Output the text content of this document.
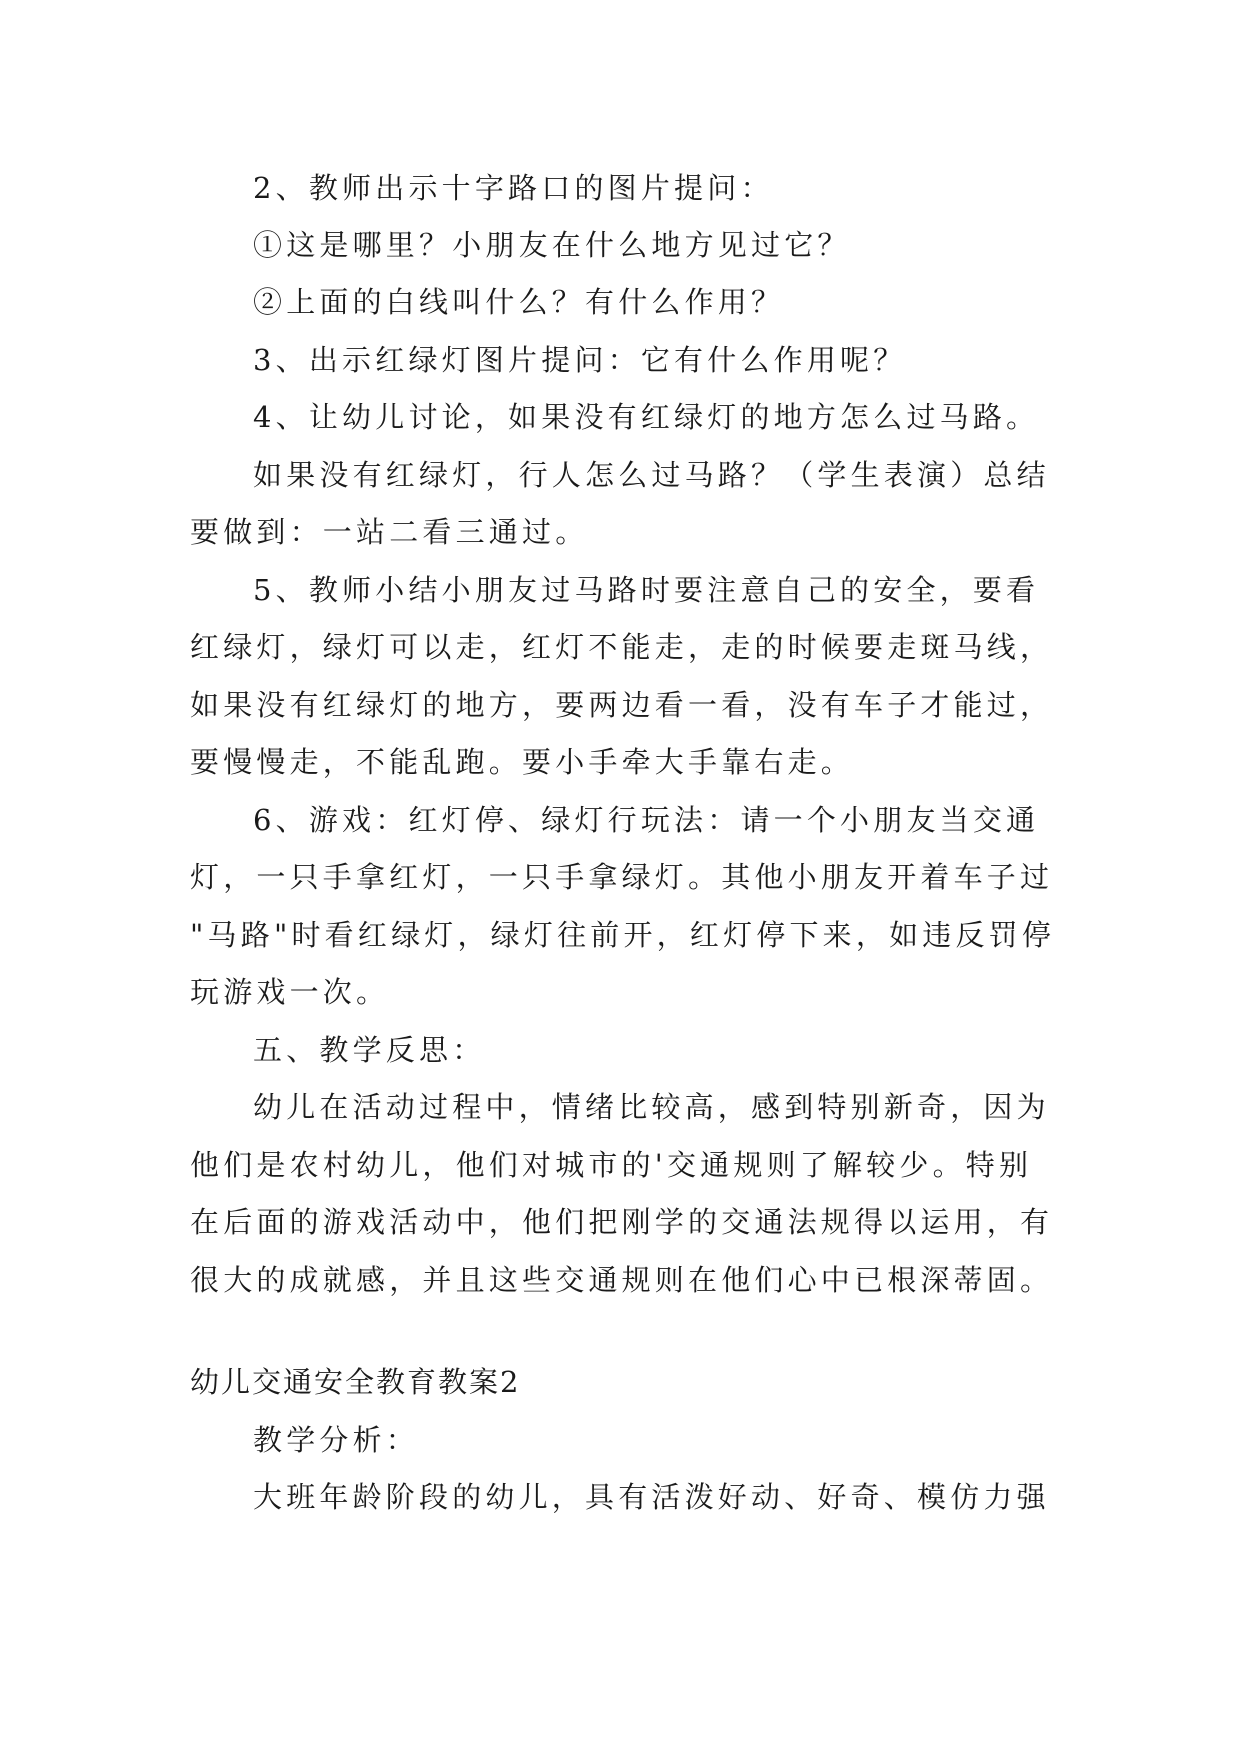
2、教师出示十字路口的图片提问：
①这是哪里？小朋友在什么地方见过它？
②上面的白线叫什么？有什么作用？
3、出示红绿灯图片提问：它有什么作用呢？
4、让幼儿讨论，如果没有红绿灯的地方怎么过马路。
如果没有红绿灯，行人怎么过马路？（学生表演）总结
要做到：一站二看三通过。
5、教师小结小朋友过马路时要注意自己的安全，要看
红绿灯，绿灯可以走，红灯不能走，走的时候要走斑马线，
如果没有红绿灯的地方，要两边看一看，没有车子才能过，
要慢慢走，不能乱跑。要小手牵大手靠右走。
6、游戏：红灯停、绿灯行玩法：请一个小朋友当交通
灯，一只手拿红灯，一只手拿绿灯。其他小朋友开着车子过
"马路"时看红绿灯，绿灯往前开，红灯停下来，如违反罚停
玩游戏一次。
五、教学反思：
幼儿在活动过程中，情绪比较高，感到特别新奇，因为
他们是农村幼儿，他们对城市的'交通规则了解较少。特别
在后面的游戏活动中，他们把刚学的交通法规得以运用，有
很大的成就感，并且这些交通规则在他们心中已根深蒂固。
幼儿交通安全教育教案2
教学分析：
大班年龄阶段的幼儿，具有活泼好动、好奇、模仿力强
